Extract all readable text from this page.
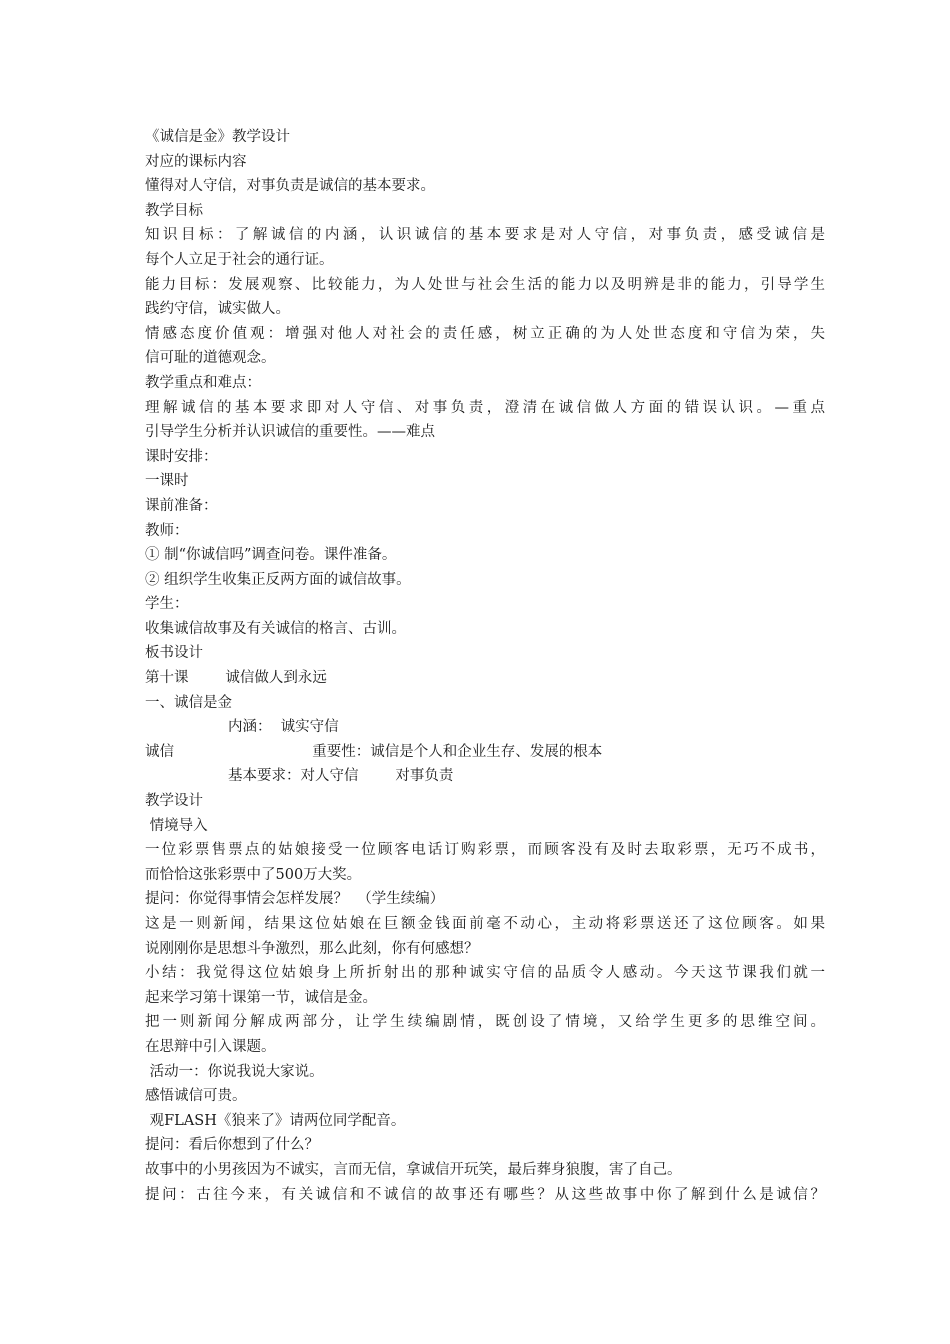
《诚信是金》教学设计
对应的课标内容
懂得对人守信，对事负责是诚信的基本要求。
教学目标
知识目标：了解诚信的内涵，认识诚信的基本要求是对人守信，对事负责，感受诚信是
每个人立足于社会的通行证。
能力目标：发展观察、比较能力，为人处世与社会生活的能力以及明辨是非的能力，引导学生
践约守信，诚实做人。
情感态度价值观：增强对他人对社会的责任感，树立正确的为人处世态度和守信为荣，失
信可耻的道德观念。
教学重点和难点：
理解诚信的基本要求即对人守信、对事负责，澄清在诚信做人方面的错误认识。—重点
引导学生分析并认识诚信的重要性。——难点
课时安排：
一课时
课前准备：
教师：
① 制“你诚信吗”调查问卷。课件准备。
② 组织学生收集正反两方面的诚信故事。
学生：
收集诚信故事及有关诚信的格言、古训。
板书设计
第十课        诚信做人到永远
一、诚信是金
内涵：  诚实守信
诚信                              重要性：诚信是个人和企业生存、发展的根本
基本要求：对人守信        对事负责
教学设计
情境导入
一位彩票售票点的姑娘接受一位顾客电话订购彩票，而顾客没有及时去取彩票，无巧不成书，
而恰恰这张彩票中了500万大奖。
提问：你觉得事情会怎样发展？  （学生续编）
这是一则新闻，结果这位姑娘在巨额金钱面前毫不动心，主动将彩票送还了这位顾客。如果
说刚刚你是思想斗争激烈，那么此刻，你有何感想？
小结：我觉得这位姑娘身上所折射出的那种诚实守信的品质令人感动。今天这节课我们就一
起来学习第十课第一节，诚信是金。
把一则新闻分解成两部分，让学生续编剧情，既创设了情境，又给学生更多的思维空间。
在思辩中引入课题。
活动一：你说我说大家说。
感悟诚信可贵。
观FLASH《狼来了》请两位同学配音。
提问：看后你想到了什么？
故事中的小男孩因为不诚实，言而无信，拿诚信开玩笑，最后葬身狼腹，害了自己。
提问：古往今来，有关诚信和不诚信的故事还有哪些？从这些故事中你了解到什么是诚信？
